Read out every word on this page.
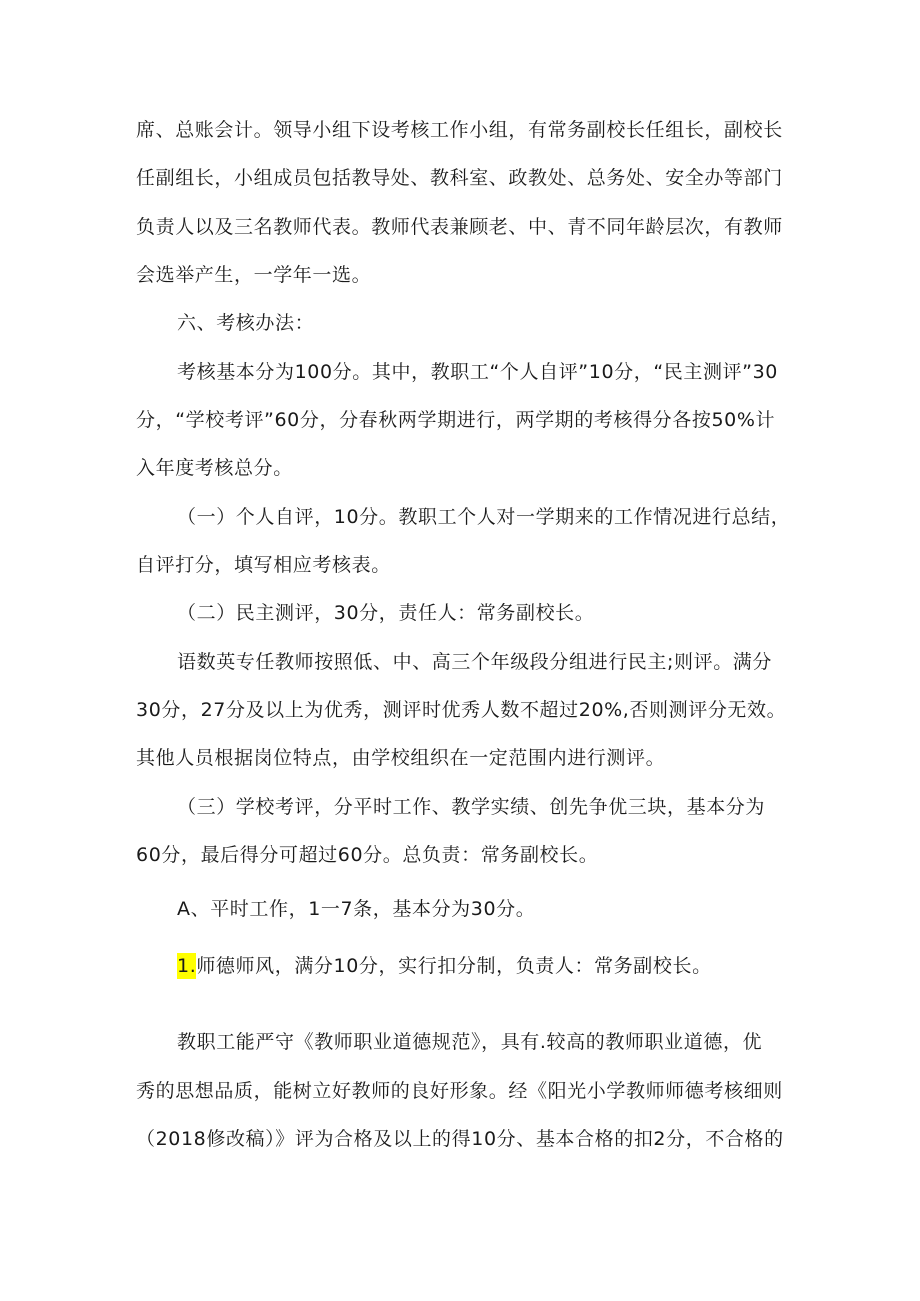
席、总账会计。领导小组下设考核工作小组，有常务副校长任组长，副校长
任副组长，小组成员包括教导处、教科室、政教处、总务处、安全办等部门
负责人以及三名教师代表。教师代表兼顾老、中、青不同年龄层次，有教师
会选举产生，一学年一选。
六、考核办法：
考核基本分为100分。其中，教职工“个人自评”10分，“民主测评”30
分，“学校考评”60分，分春秋两学期进行，两学期的考核得分各按50%计
入年度考核总分。
（一）个人自评，10分。教职工个人对一学期来的工作情况进行总结，
自评打分，填写相应考核表。
（二）民主测评，30分，责任人：常务副校长。
语数英专任教师按照低、中、高三个年级段分组进行民主;则评。满分
30分，27分及以上为优秀，测评时优秀人数不超过20%,否则测评分无效。
其他人员根据岗位特点，由学校组织在一定范围内进行测评。
（三）学校考评，分平时工作、教学实绩、创先争优三块，基本分为
60分，最后得分可超过60分。总负责：常务副校长。
A、平时工作，1一7条，基本分为30分。
1.师德师风，满分10分，实行扣分制，负责人：常务副校长。
教职工能严守《教师职业道德规范》，具有.较高的教师职业道德，优
秀的思想品质，能树立好教师的良好形象。经《阳光小学教师师德考核细则
（2018修改稿）》评为合格及以上的得10分、基本合格的扣2分，不合格的
